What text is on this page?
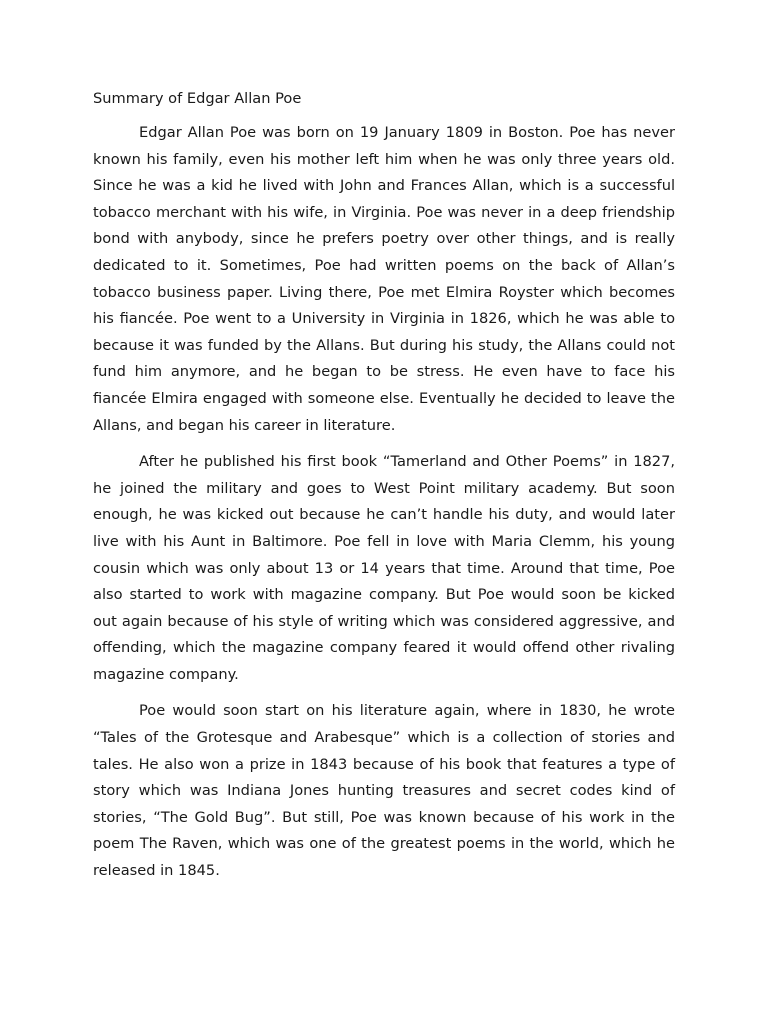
Summary of Edgar Allan Poe

Edgar Allan Poe was born on 19 January 1809 in Boston. Poe has never known his family, even his mother left him when he was only three years old. Since he was a kid he lived with John and Frances Allan, which is a successful tobacco merchant with his wife, in Virginia. Poe was never in a deep friendship bond with anybody, since he prefers poetry over other things, and is really dedicated to it. Sometimes, Poe had written poems on the back of Allan’s tobacco business paper. Living there, Poe met Elmira Royster which becomes his fiancée. Poe went to a University in Virginia in 1826, which he was able to because it was funded by the Allans. But during his study, the Allans could not fund him anymore, and he began to be stress. He even have to face his fiancée Elmira engaged with someone else. Eventually he decided to leave the Allans, and began his career in literature.

After he published his first book “Tamerland and Other Poems” in 1827, he joined the military and goes to West Point military academy. But soon enough, he was kicked out because he can’t handle his duty, and would later live with his Aunt in Baltimore. Poe fell in love with Maria Clemm, his young cousin which was only about 13 or 14 years that time. Around that time, Poe also started to work with magazine company. But Poe would soon be kicked out again because of his style of writing which was considered aggressive, and offending, which the magazine company feared it would offend other rivaling magazine company.

Poe would soon start on his literature again, where in 1830, he wrote “Tales of the Grotesque and Arabesque” which is a collection of stories and tales. He also won a prize in 1843 because of his book that features a type of story which was Indiana Jones hunting treasures and secret codes kind of stories, “The Gold Bug”. But still, Poe was known because of his work in the poem The Raven, which was one of the greatest poems in the world, which he released in 1845.
